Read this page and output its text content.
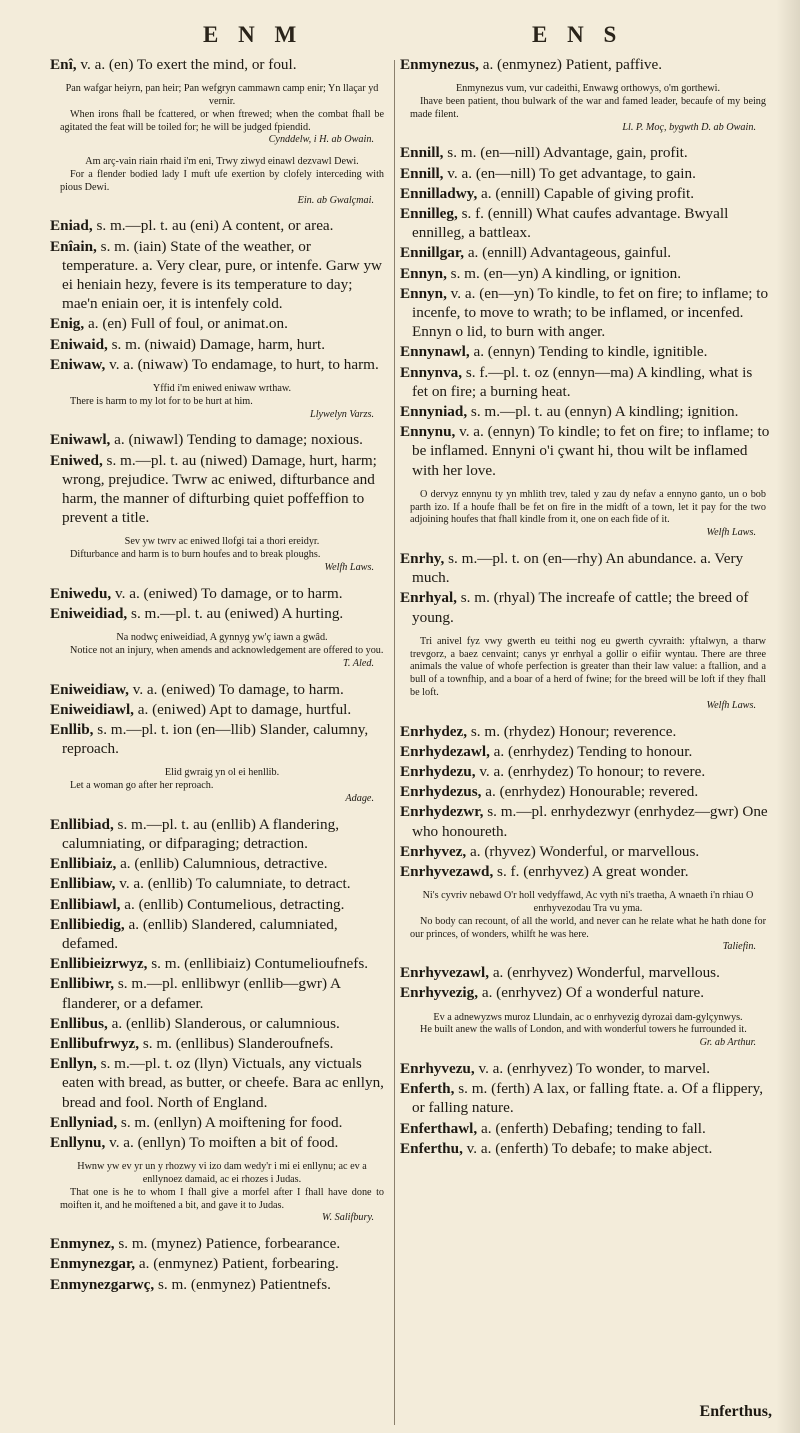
E N M	E N S
Enî, v. a. (en) To exert the mind, or foul.
Pan wafgar heiyrn, pan heir; Pan wefgryn cammawn camp enir; Yn llaçar yd vernir.
When irons fhall be fcattered, or when ftrewed; when the combat fhall be agitated the feat will be toiled for; he will be judged fpiendid.
Cynddelw, i H. ab Owain.
Am arç-vain riain rhaid i'm eni, Trwy ziwyd einawl dezvawl Dewi.
For a flender bodied lady I muft ufe exertion by clofely interceding with pious Dewi.
Ein. ab Gwalçmai.
Eniad, s. m.—pl. t. au (eni) A content, or area.
Enîain, s. m. (iain) State of the weather, or temperature. a. Very clear, pure, or intenfe. Garw yw ei heniain hezy, fevere is its temperature to day; mae'n eniain oer, it is intenfely cold.
Enig, a. (en) Full of foul, or animat.on.
Eniwaid, s. m. (niwaid) Damage, harm, hurt.
Eniwaw, v. a. (niwaw) To endamage, to hurt, to harm.
Yffid i'm eniwed eniwaw wrthaw.
There is harm to my lot for to be hurt at him.
Llywelyn Varzs.
Eniwawl, a. (niwawl) Tending to damage; noxious.
Eniwed, s. m.—pl. t. au (niwed) Damage, hurt, harm; wrong, prejudice. Twrw ac eniwed, difturbance and harm, the manner of difturbing quiet poffeffion to prevent a title.
Sev yw twrv ac eniwed llofgi tai a thori ereidyr.
Difturbance and harm is to burn houfes and to break ploughs.
Welfh Laws.
Eniwedu, v. a. (eniwed) To damage, or to harm.
Eniweidiad, s. m.—pl. t. au (eniwed) A hurting.
Na nodwç eniweidiad, A gynnyg yw'ç iawn a gwâd.
Notice not an injury, when amends and acknowledgement are offered to you.
T. Aled.
Eniweidiaw, v. a. (eniwed) To damage, to harm.
Eniweidiawl, a. (eniwed) Apt to damage, hurtful.
Enllib, s. m.—pl. t. ion (en—llib) Slander, calumny, reproach.
Elid gwraig yn ol ei henllib.
Let a woman go after her reproach.
Adage.
Enllibiad, s. m.—pl. t. au (enllib) A flandering, calumniating, or difparaging; detraction.
Enllibiaiz, a. (enllib) Calumnious, detractive.
Enllibiaw, v. a. (enllib) To calumniate, to detract.
Enllibiawl, a. (enllib) Contumelious, detracting.
Enllibiedig, a. (enllib) Slandered, calumniated, defamed.
Enllibieizrwyz, s. m. (enllibiaiz) Contumelioufnefs.
Enllibiwr, s. m.—pl. enllibwyr (enllib—gwr) A flanderer, or a defamer.
Enllibus, a. (enllib) Slanderous, or calumnious.
Enllibufrwyz, s. m. (enllibus) Slanderoufnefs.
Enllyn, s. m.—pl. t. oz (llyn) Victuals, any victuals eaten with bread, as butter, or cheefe. Bara ac enllyn, bread and fool. North of England.
Enllyniad, s. m. (enllyn) A moiftening for food.
Enllynu, v. a. (enllyn) To moiften a bit of food.
Hwnw yw ev yr un y rhozwy vi izo dam wedy'r i mi ei enllynu; ac ev a enllynoez damaid, ac ei rhozes i Judas.
That one is he to whom I fhall give a morfel after I fhall have done to moiften it, and he moiftened a bit, and gave it to Judas.
W. Salifbury.
Enmynez, s. m. (mynez) Patience, forbearance.
Enmynezgar, a. (enmynez) Patient, forbearing.
Enmynezgarwç, s. m. (enmynez) Patientnefs.
Enmynezus, a. (enmynez) Patient, paffive.
Enmynezus vum, vur cadeithi, Enwawg orthowys, o'm gorthewi.
Ihave been patient, thou bulwark of the war and famed leader, becaufe of my being made filent.
Ll. P. Moç, bygwth D. ab Owain.
Ennill, s. m. (en—nill) Advantage, gain, profit.
Ennill, v. a. (en—nill) To get advantage, to gain.
Ennilladwy, a. (ennill) Capable of giving profit.
Ennilleg, s. f. (ennill) What caufes advantage. Bwyall ennilleg, a battleax.
Ennillgar, a. (ennill) Advantageous, gainful.
Ennyn, s. m. (en—yn) A kindling, or ignition.
Ennyn, v. a. (en—yn) To kindle, to fet on fire; to inflame; to incenfe, to move to wrath; to be inflamed, or incenfed. Ennyn o lid, to burn with anger.
Ennynawl, a. (ennyn) Tending to kindle, ignitible.
Ennynva, s. f.—pl. t. oz (ennyn—ma) A kindling, what is fet on fire; a burning heat.
Ennyniad, s. m.—pl. t. au (ennyn) A kindling; ignition.
Ennynu, v. a. (ennyn) To kindle; to fet on fire; to inflame; to be inflamed. Ennyni o'i çwant hi, thou wilt be inflamed with her love.
O dervyz ennynu ty yn mhlith trev, taled y zau dy nefav a ennyno ganto, un o bob parth izo. If a houfe fhall be fet on fire in the midft of a town, let it pay for the two adjoining houfes that fhall kindle from it, one on each fide of it.
Welfh Laws.
Enrhy, s. m.—pl. t. on (en—rhy) An abundance. a. Very much.
Enrhyal, s. m. (rhyal) The increafe of cattle; the breed of young.
Tri anivel fyz vwy gwerth eu teithi nog eu gwerth cyvraith: yftalwyn, a tharw trevgorz, a baez cenvaint; canys yr enrhyal a gollir o eifiir wyntau. There are three animals the value of whofe perfection is greater than their law value: a ftallion, and a bull of a townfhip, and a boar of a herd of fwine; for the breed will be loft if they fhall be loft.
Welfh Laws.
Enrhydez, s. m. (rhydez) Honour; reverence.
Enrhydezawl, a. (enrhydez) Tending to honour.
Enrhydezu, v. a. (enrhydez) To honour; to revere.
Enrhydezus, a. (enrhydez) Honourable; revered.
Enrhydezwr, s. m.—pl. enrhydezwyr (enrhydez—gwr) One who honoureth.
Enrhyvez, a. (rhyvez) Wonderful, or marvellous.
Enrhyvezawd, s. f. (enrhyvez) A great wonder.
Ni's cyvriv nebawd O'r holl vedyffawd, Ac vyth ni's traetha, A wnaeth i'n rhiau O enrhyvezodau Tra vu yma.
No body can recount, of all the world, and never can he relate what he hath done for our princes, of wonders, whilft he was here.
Taliefin.
Enrhyvezawl, a. (enrhyvez) Wonderful, marvellous.
Enrhyvezig, a. (enrhyvez) Of a wonderful nature.
Ev a adnewyzws muroz Llundain, ac o enrhyvezig dyrozai dam-gylçynwys.
He built anew the walls of London, and with wonderful towers he furrounded it.
Gr. ab Arthur.
Enrhyvezu, v. a. (enrhyvez) To wonder, to marvel.
Enferth, s. m. (ferth) A lax, or falling ftate. a. Of a flippery, or falling nature.
Enferthawl, a. (enferth) Debafing; tending to fall.
Enferthu, v. a. (enferth) To debafe; to make abject.
Enferthus,
